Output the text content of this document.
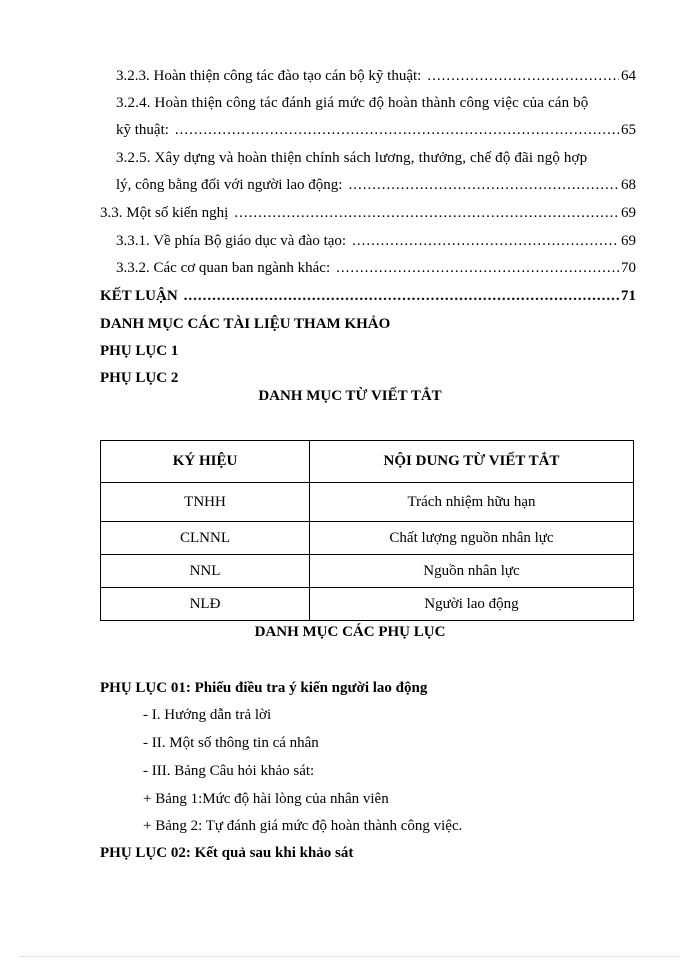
3.2.3. Hoàn thiện công tác đào tạo cán bộ kỹ thuật: .....	64
3.2.4. Hoàn thiện công tác đánh giá mức độ hoàn thành công việc của cán bộ
kỹ thuật: .....	65
3.2.5. Xây dựng và hoàn thiện chính sách lương, thưởng, chế độ đãi ngộ hợp
lý, công bằng đối với người lao động: .....	68
3.3. Một số kiến nghị .....	69
3.3.1. Về phía Bộ giáo dục và đào tạo: .....	69
3.3.2. Các cơ quan ban ngành khác: .....	70
KẾT LUẬN .....	71
DANH MỤC CÁC TÀI LIỆU THAM KHẢO
PHỤ LỤC 1
PHỤ LỤC 2
DANH MỤC TỪ VIẾT TẮT
KÝ HIỆU	NỘI DUNG TỪ VIẾT TẮT
TNHH	Trách nhiệm hữu hạn
CLNNL	Chất lượng nguồn nhân lực
NNL	Nguồn nhân lực
NLĐ	Người lao động
DANH MỤC CÁC PHỤ LỤC
PHỤ LỤC 01: Phiếu điều tra ý kiến người lao động
- I. Hướng dẫn trả lời
- II. Một số thông tin cá nhân
- III. Bảng Câu hỏi khảo sát:
+ Bảng 1:Mức độ hài lòng của nhân viên
+ Bảng 2: Tự đánh giá mức độ hoàn thành công việc.
PHỤ LỤC 02: Kết quả sau khi khảo sát
